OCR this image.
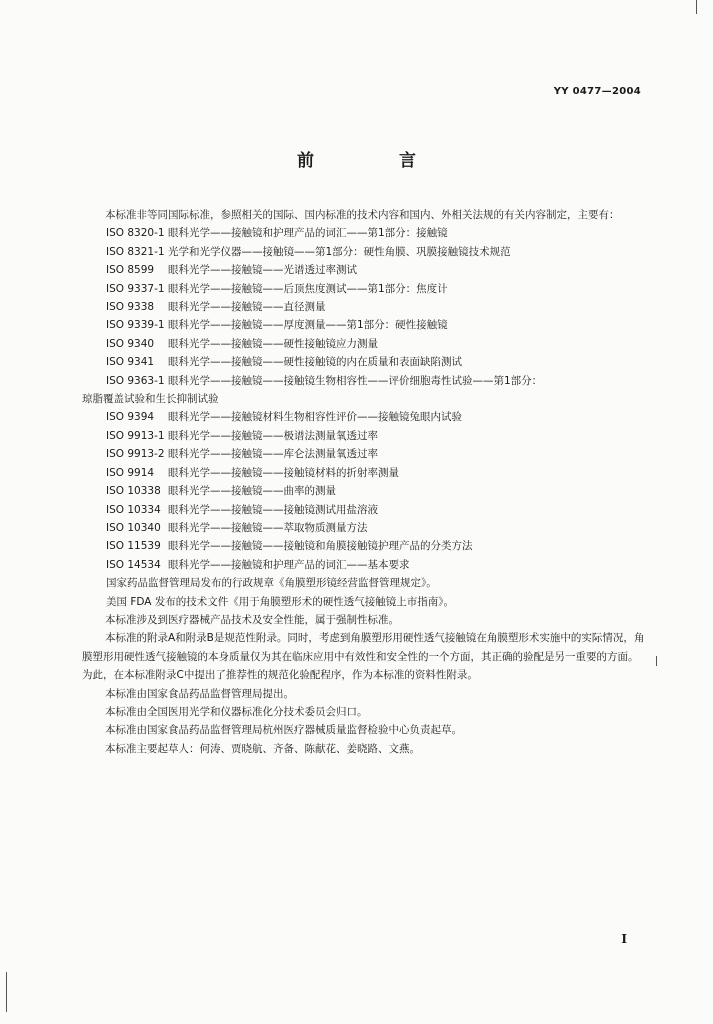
YY 0477—2004
前　言

本标准非等同国际标准，参照相关的国际、国内标准的技术内容和国内、外相关法规的有关内容制定，主要有：

ISO 8320-1 眼科光学——接触镜和护理产品的词汇——第1部分：接触镜

ISO 8321-1 光学和光学仪器——接触镜——第1部分：硬性角膜、巩膜接触镜技术规范

ISO 8599 眼科光学——接触镜——光谱透过率测试

ISO 9337-1 眼科光学——接触镜——后顶焦度测试——第1部分：焦度计

ISO 9338 眼科光学——接触镜——直径测量

ISO 9339-1 眼科光学——接触镜——厚度测量——第1部分：硬性接触镜

ISO 9340 眼科光学——接触镜——硬性接触镜应力测量

ISO 9341 眼科光学——接触镜——硬性接触镜的内在质量和表面缺陷测试

ISO 9363-1 眼科光学——接触镜——接触镜生物相容性——评价细胞毒性试验——第1部分：

琼脂覆盖试验和生长抑制试验

ISO 9394 眼科光学——接触镜材料生物相容性评价——接触镜兔眼内试验

ISO 9913-1 眼科光学——接触镜——极谱法测量氧透过率

ISO 9913-2 眼科光学——接触镜——库仑法测量氧透过率

ISO 9914 眼科光学——接触镜——接触镜材料的折射率测量

ISO 10338 眼科光学——接触镜——曲率的测量

ISO 10334 眼科光学——接触镜——接触镜测试用盐溶液

ISO 10340 眼科光学——接触镜——萃取物质测量方法

ISO 11539 眼科光学——接触镜——接触镜和角膜接触镜护理产品的分类方法

ISO 14534 眼科光学——接触镜和护理产品的词汇——基本要求

国家药品监督管理局发布的行政规章《角膜塑形镜经营监督管理规定》。

美国 FDA 发布的技术文件《用于角膜塑形术的硬性透气接触镜上市指南》。

本标准涉及到医疗器械产品技术及安全性能，属于强制性标准。

本标准的附录A和附录B是规范性附录。同时，考虑到角膜塑形用硬性透气接触镜在角膜塑形术实施中的实际情况，角膜塑形用硬性透气接触镜的本身质量仅为其在临床应用中有效性和安全性的一个方面，其正确的验配是另一重要的方面。为此，在本标准附录C中提出了推荐性的规范化验配程序，作为本标准的资料性附录。

本标准由国家食品药品监督管理局提出。

本标准由全国医用光学和仪器标准化分技术委员会归口。

本标准由国家食品药品监督管理局杭州医疗器械质量监督检验中心负责起草。

本标准主要起草人：何涛、贾晓航、齐备、陈献花、姜晓路、文燕。

I
